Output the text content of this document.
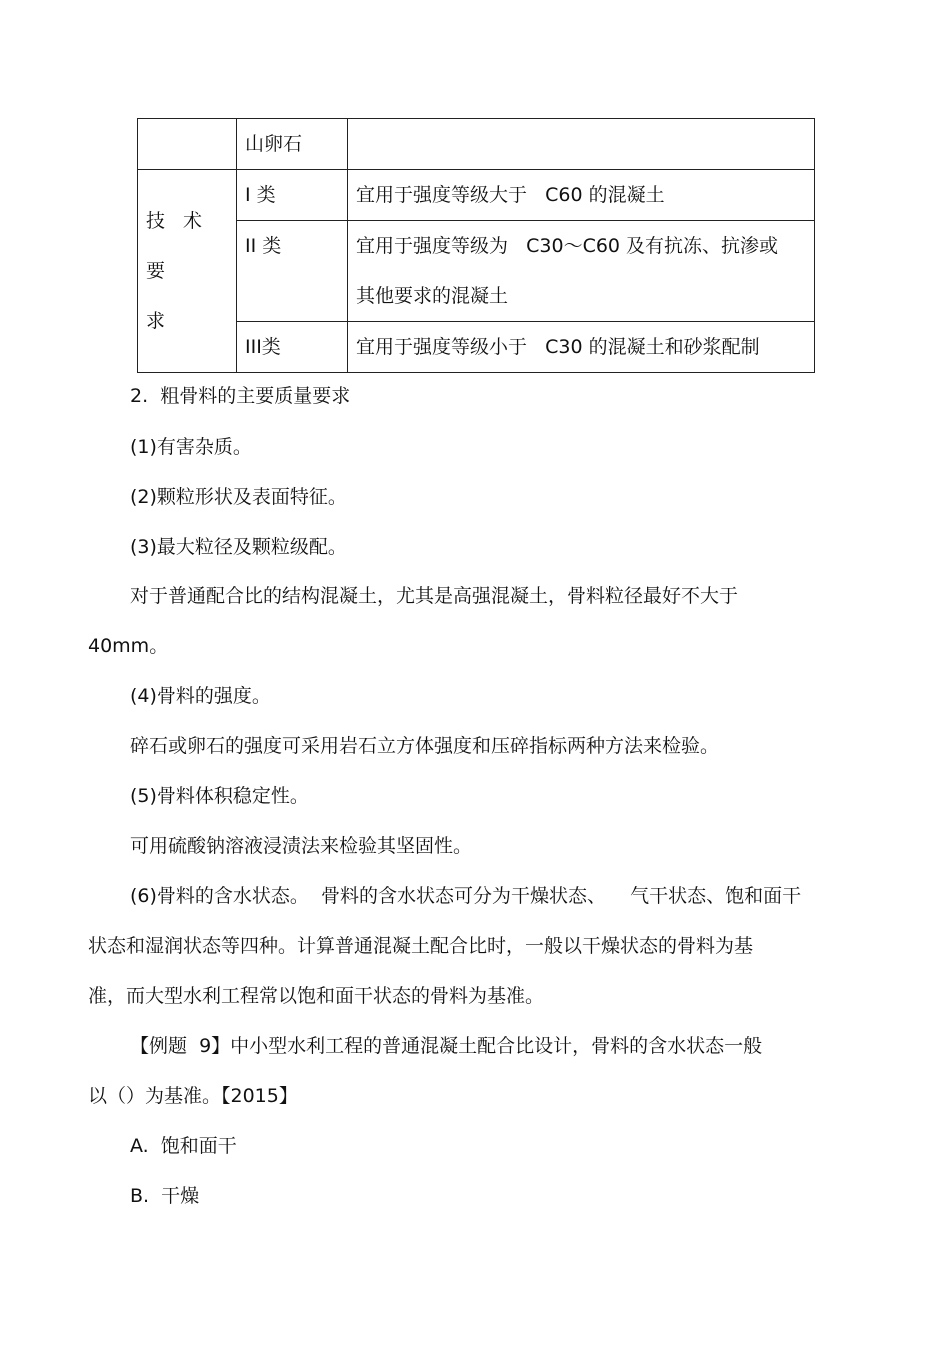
	山卵石	

技 术 要
求	I 类	宜用于强度等级大于   C60 的混凝土
	II 类	宜用于强度等级为   C30～C60 及有抗冻、抗渗或
其他要求的混凝土

	III类	宜用于强度等级小于   C30 的混凝土和砂浆配制
2.  粗骨料的主要质量要求
(1)有害杂质。
(2)颗粒形状及表面特征。
(3)最大粒径及颗粒级配。
对于普通配合比的结构混凝土，尤其是高强混凝土，骨料粒径最好不大于
40mm。
(4)骨料的强度。
碎石或卵石的强度可采用岩石立方体强度和压碎指标两种方法来检验。
(5)骨料体积稳定性。
可用硫酸钠溶液浸渍法来检验其坚固性。
(6)骨料的含水状态。  骨料的含水状态可分为干燥状态、    气干状态、饱和面干
状态和湿润状态等四种。计算普通混凝土配合比时，一般以干燥状态的骨料为基
准，而大型水利工程常以饱和面干状态的骨料为基准。
【例题  9】中小型水利工程的普通混凝土配合比设计，骨料的含水状态一般
以（）为基准。【2015】
A.  饱和面干
B.  干燥
